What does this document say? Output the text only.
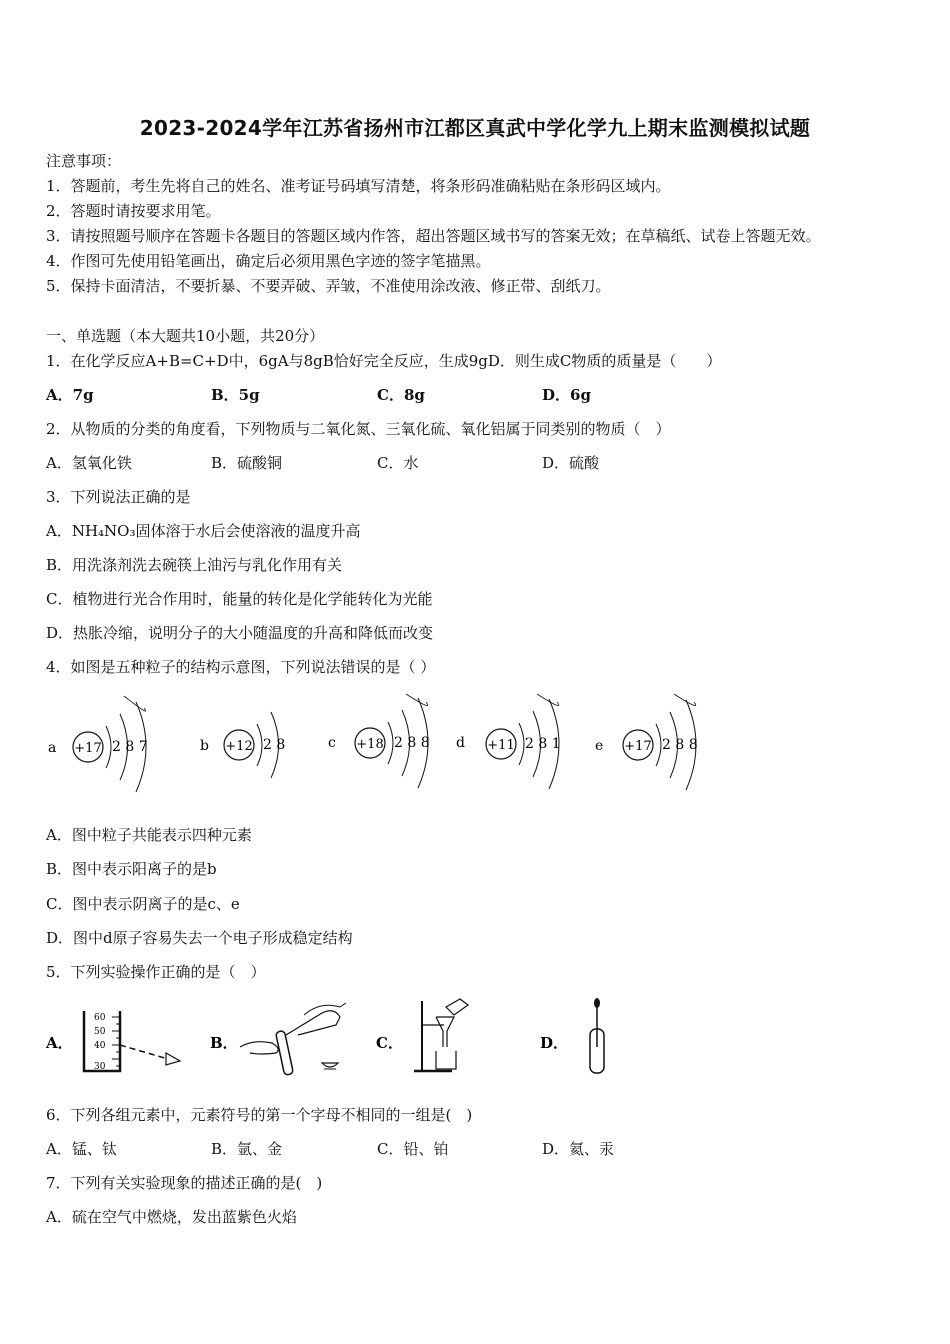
2023-2024学年江苏省扬州市江都区真武中学化学九上期末监测模拟试题
注意事项：
1．答题前，考生先将自己的姓名、准考证号码填写清楚，将条形码准确粘贴在条形码区域内。
2．答题时请按要求用笔。
3．请按照题号顺序在答题卡各题目的答题区域内作答，超出答题区域书写的答案无效；在草稿纸、试卷上答题无效。
4．作图可先使用铅笔画出，确定后必须用黑色字迹的签字笔描黑。
5．保持卡面清洁，不要折暴、不要弄破、弄皱，不准使用涂改液、修正带、刮纸刀。
一、单选题（本大题共10小题，共20分）
1．在化学反应A+B=C+D中，6gA与8gB恰好完全反应，生成9gD．则生成C物质的质量是（　　）
A．7g	B．5g	C．8g	D．6g
2．从物质的分类的角度看，下列物质与二氧化氮、三氧化硫、氧化铝属于同类别的物质（　）
A．氢氧化铁	B．硫酸铜	C．水	D．硫酸
3．下列说法正确的是
A．NH₄NO₃固体溶于水后会使溶液的温度升高
B．用洗涤剂洗去碗筷上油污与乳化作用有关
C．植物进行光合作用时，能量的转化是化学能转化为光能
D．热胀冷缩，说明分子的大小随温度的升高和降低而改变
4．如图是五种粒子的结构示意图，下列说法错误的是（ ）
a +17 2 8 7	b +12 2 8	c +18 2 8 8 d +11 2 8 1 e +17 2 8 8
A．图中粒子共能表示四种元素
B．图中表示阳离子的是b
C．图中表示阴离子的是c、e
D．图中d原子容易失去一个电子形成稳定结构
5．下列实验操作正确的是（　）
A．
60
50
40
30
B．	C．	D．
6．下列各组元素中，元素符号的第一个字母不相同的一组是(　)
A．锰、钛	B．氩、金	C．铅、铂	D．氦、汞
7．下列有关实验现象的描述正确的是(　)
A．硫在空气中燃烧，发出蓝紫色火焰
